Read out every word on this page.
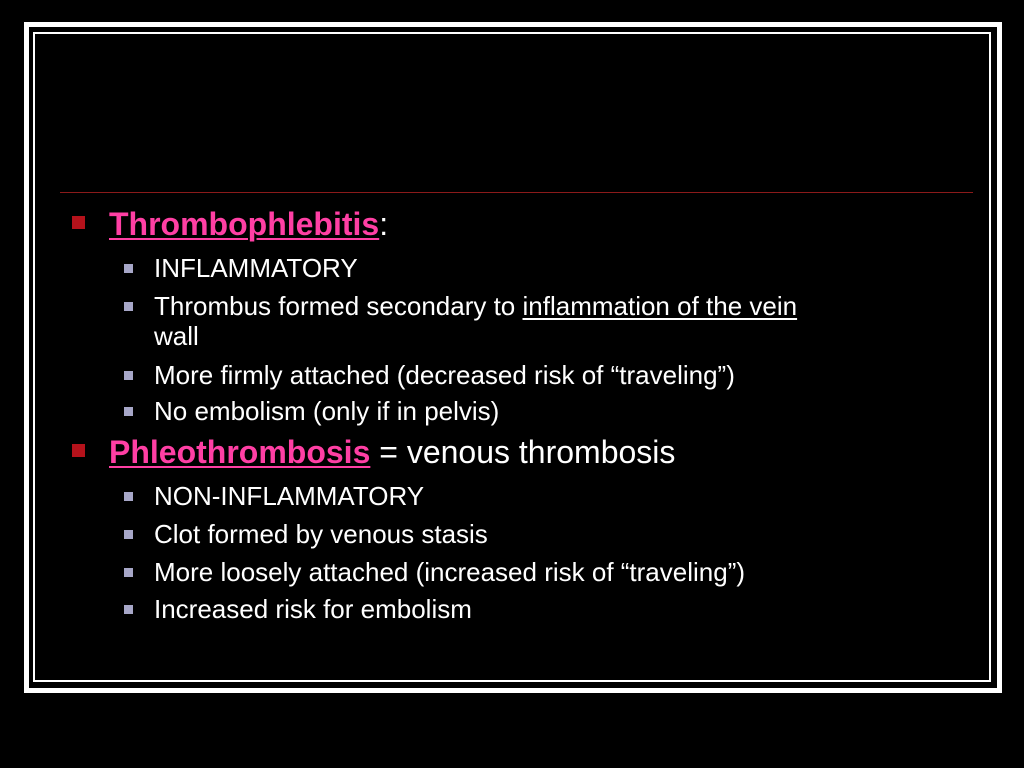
Thrombophlebitis :
INFLAMMATORY
Thrombus formed secondary to inflammation of the vein
wall
More firmly attached (decreased risk of “traveling”)
No embolism (only if in pelvis)
Phleothrombosis = venous thrombosis
NON-INFLAMMATORY
Clot formed by venous stasis
More loosely attached (increased risk of “traveling”)
Increased risk for embolism
